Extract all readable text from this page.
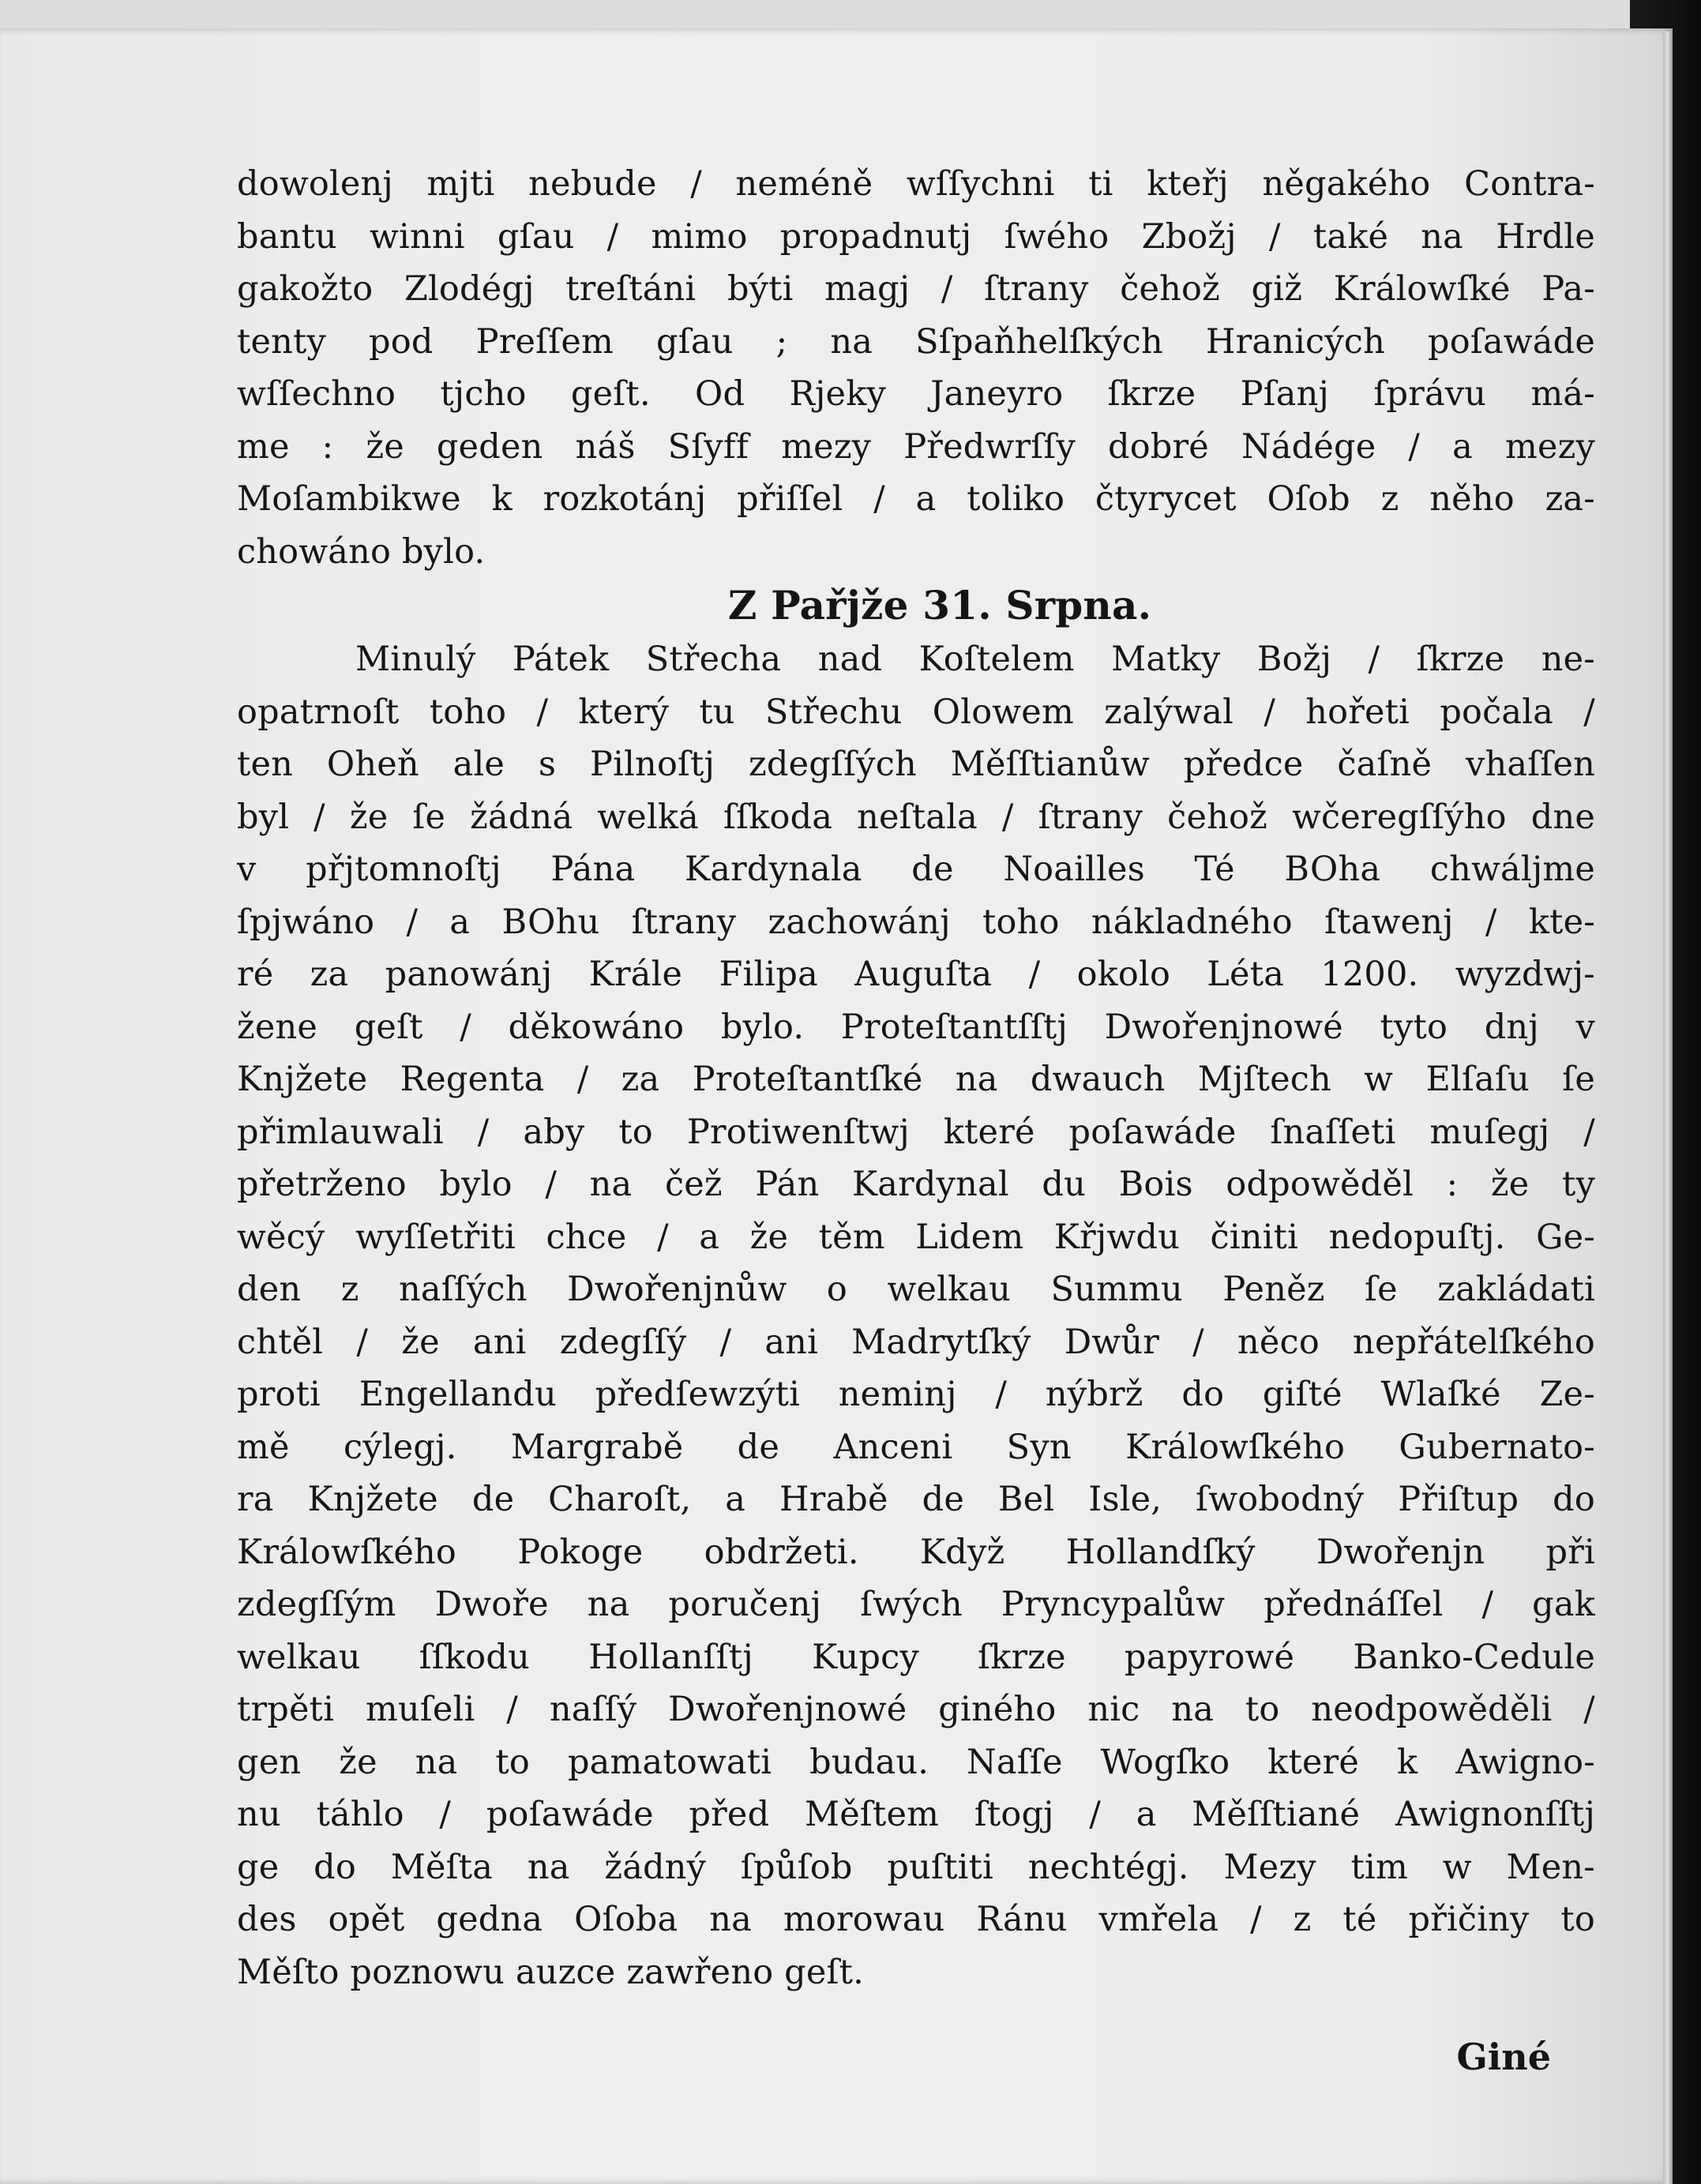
dowolenj mjti nebude / neméně wſſychni ti kteřj něgakého Contra-
bantu winni gſau / mimo propadnutj ſwého Zbožj / také na Hrdle
gakožto Zlodégj treſtáni býti magj / ſtrany čehož giž Králowſké Pa-
tenty pod Preſſem gſau ; na Sſpaňhelſkých Hranicých poſawáde
wſſechno tjcho geſt. Od Rjeky Janeyro ſkrze Pſanj ſprávu má-
me : že geden náš Sſyff mezy Předwrſſy dobré Nádége / a mezy
Moſambikwe k rozkotánj přiſſel / a toliko čtyrycet Oſob z něho za-
chowáno bylo.
Z Pařjže 31. Srpna.
Minulý Pátek Střecha nad Koſtelem Matky Božj / ſkrze ne-
opatrnoſt toho / který tu Střechu Olowem zalýwal / hořeti počala /
ten Oheň ale s Pilnoſtj zdegſſých Měſſtianůw předce čaſně vhaſſen
byl / že ſe žádná welká ſſkoda neſtala / ſtrany čehož wčeregſſýho dne
v přjtomnoſtj Pána Kardynala de Noailles Té BOha chwáljme
ſpjwáno / a BOhu ſtrany zachowánj toho nákladného ſtawenj / kte-
ré za panowánj Krále Filipa Auguſta / okolo Léta 1200. wyzdwj-
žene geſt / děkowáno bylo. Proteſtantſſtj Dwořenjnowé tyto dnj v
Knjžete Regenta / za Proteſtantſké na dwauch Mjſtech w Elſaſu ſe
přimlauwali / aby to Protiwenſtwj které poſawáde ſnaſſeti muſegj /
přetrženo bylo / na čež Pán Kardynal du Bois odpowěděl : že ty
wěcý wyſſetřiti chce / a že těm Lidem Křjwdu činiti nedopuſtj. Ge-
den z naſſých Dwořenjnůw o welkau Summu Peněz ſe zakládati
chtěl / že ani zdegſſý / ani Madrytſký Dwůr / něco nepřátelſkého
proti Engellandu předſewzýti neminj / nýbrž do giſté Wlaſké Ze-
mě cýlegj. Margrabě de Anceni Syn Králowſkého Gubernato-
ra Knjžete de Charoſt, a Hrabě de Bel Isle, ſwobodný Přiſtup do
Králowſkého Pokoge obdržeti. Když Hollandſký Dwořenjn při
zdegſſým Dwoře na poručenj ſwých Pryncypalůw přednáſſel / gak
welkau ſſkodu Hollanſſtj Kupcy ſkrze papyrowé Banko-Cedule
trpěti muſeli / naſſý Dwořenjnowé giného nic na to neodpowěděli /
gen že na to pamatowati budau. Naſſe Wogſko které k Awigno-
nu táhlo / poſawáde před Měſtem ſtogj / a Měſſtiané Awignonſſtj
ge do Měſta na žádný ſpůſob puſtiti nechtégj. Mezy tim w Men-
des opět gedna Oſoba na morowau Ránu vmřela / z té přičiny to
Měſto poznowu auzce zawřeno geſt.
Giné
